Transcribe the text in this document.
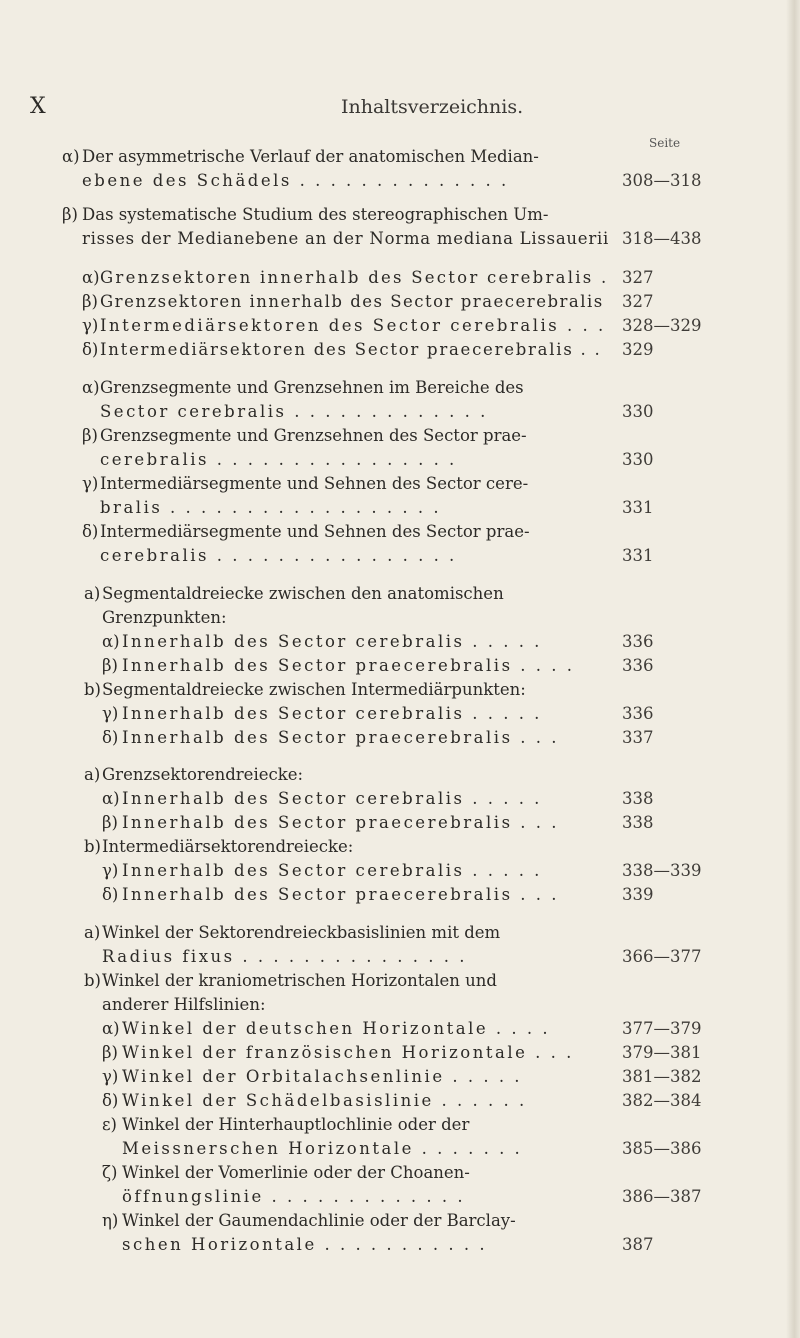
X	Inhaltsverzeichnis.
Seite
α) Der asymmetrische Verlauf der anatomischen Median-
ebene des Schädels . . . . . . . . . . . . . .	308—318
β) Das systematische Studium des stereographischen Um-
risses der Medianebene an der Norma mediana Lissauerii 318—438
α) Grenzsektoren innerhalb des Sector cerebralis . 327
β) Grenzsektoren innerhalb des Sector praecerebralis 327
γ) Intermediärsektoren des Sector cerebralis . . . 328—329
δ) Intermediärsektoren des Sector praecerebralis . . 329
α) Grenzsegmente und Grenzsehnen im Bereiche des
Sector cerebralis . . . . . . . . . . . . .	330
β) Grenzsegmente und Grenzsehnen des Sector prae-
cerebralis . . . . . . . . . . . . . . . .	330
γ) Intermediärsegmente und Sehnen des Sector cere-
bralis . . . . . . . . . . . . . . . . . .	331
δ) Intermediärsegmente und Sehnen des Sector prae-
cerebralis . . . . . . . . . . . . . . . .	331
a) Segmentaldreiecke zwischen den anatomischen
Grenzpunkten:
α) Innerhalb des Sector cerebralis . . . . .	336
β) Innerhalb des Sector praecerebralis . . . .	336
b) Segmentaldreiecke zwischen Intermediärpunkten:
γ) Innerhalb des Sector cerebralis . . . . .	336
δ) Innerhalb des Sector praecerebralis . . .	337
a) Grenzsektorendreiecke:
α) Innerhalb des Sector cerebralis . . . . .	338
β) Innerhalb des Sector praecerebralis . . .	338
b) Intermediärsektorendreiecke:
γ) Innerhalb des Sector cerebralis . . . . .	338—339
δ) Innerhalb des Sector praecerebralis . . .	339
a) Winkel der Sektorendreieckbasislinien mit dem
Radius fixus . . . . . . . . . . . . . . .	366—377
b) Winkel der kraniometrischen Horizontalen und
anderer Hilfslinien:
α) Winkel der deutschen Horizontale . . . .	377—379
β) Winkel der französischen Horizontale . . .	379—381
γ) Winkel der Orbitalachsenlinie . . . . .	381—382
δ) Winkel der Schädelbasislinie . . . . . .	382—384
ε) Winkel der Hinterhauptlochlinie oder der
Meissnerschen Horizontale . . . . . . .	385—386
ζ) Winkel der Vomerlinie oder der Choanen-
öffnungslinie . . . . . . . . . . . . .	386—387
η) Winkel der Gaumendachlinie oder der Barclay-
schen Horizontale . . . . . . . . . . .	387
